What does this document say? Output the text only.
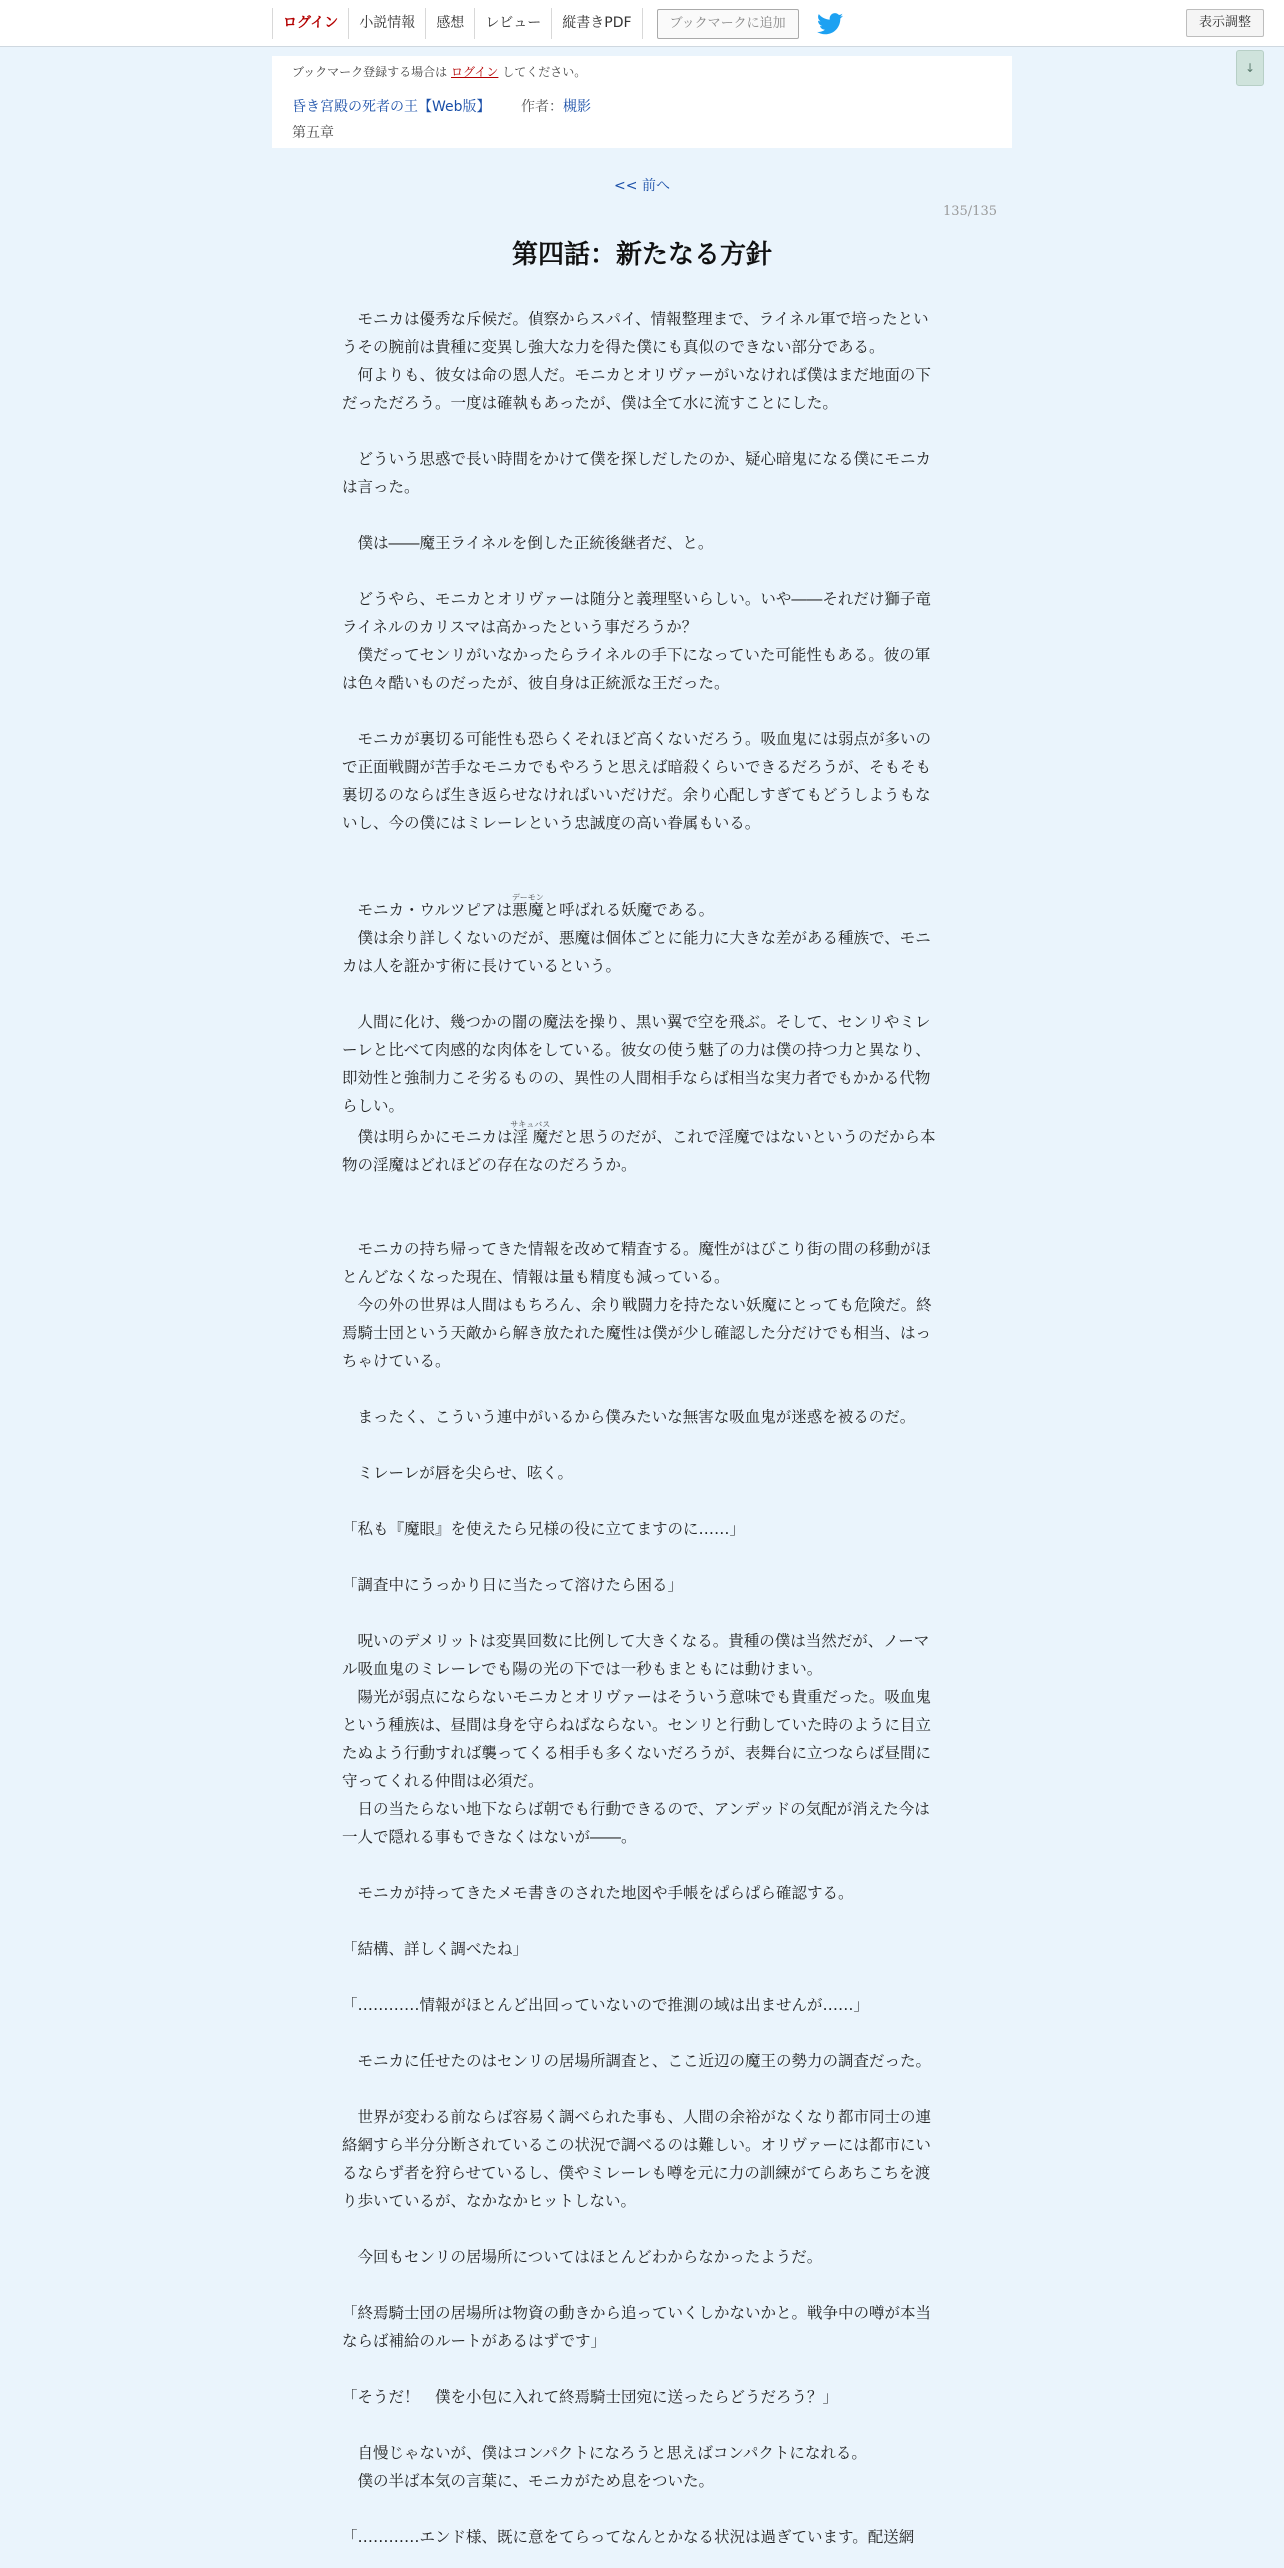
ログイン	小説情報	感想	レビュー	縦書きPDF	ブックマークに追加	表示調整
↓
ブックマーク登録する場合は ログイン してください。
昏き宮殿の死者の王【Web版】 作者：槻影
第五章
<< 前へ
135/135
第四話：新たなる方針

　モニカは優秀な斥候だ。偵察からスパイ、情報整理まで、ライネル軍で培ったというその腕前は貴種に変異し強大な力を得た僕にも真似のできない部分である。

　何よりも、彼女は命の恩人だ。モニカとオリヴァーがいなければ僕はまだ地面の下だっただろう。一度は確執もあったが、僕は全て水に流すことにした。

　どういう思惑で長い時間をかけて僕を探しだしたのか、疑心暗鬼になる僕にモニカは言った。

　僕は――魔王ライネルを倒した正統後継者だ、と。

　どうやら、モニカとオリヴァーは随分と義理堅いらしい。いや――それだけ獅子竜ライネルのカリスマは高かったという事だろうか？

　僕だってセンリがいなかったらライネルの手下になっていた可能性もある。彼の軍は色々酷いものだったが、彼自身は正統派な王だった。

　モニカが裏切る可能性も恐らくそれほど高くないだろう。吸血鬼には弱点が多いので正面戦闘が苦手なモニカでもやろうと思えば暗殺くらいできるだろうが、そもそも裏切るのならば生き返らせなければいいだけだ。余り心配しすぎてもどうしようもないし、今の僕にはミレーレという忠誠度の高い眷属もいる。

　モニカ・ウルツピアは悪魔デーモンと呼ばれる妖魔である。

　僕は余り詳しくないのだが、悪魔は個体ごとに能力に大きな差がある種族で、モニカは人を誑かす術に長けているという。

　人間に化け、幾つかの闇の魔法を操り、黒い翼で空を飛ぶ。そして、センリやミレーレと比べて肉感的な肉体をしている。彼女の使う魅了の力は僕の持つ力と異なり、即効性と強制力こそ劣るものの、異性の人間相手ならば相当な実力者でもかかる代物らしい。

　僕は明らかにモニカは淫魔サキュバスだと思うのだが、これで淫魔ではないというのだから本物の淫魔はどれほどの存在なのだろうか。

　モニカの持ち帰ってきた情報を改めて精査する。魔性がはびこり街の間の移動がほとんどなくなった現在、情報は量も精度も減っている。

　今の外の世界は人間はもちろん、余り戦闘力を持たない妖魔にとっても危険だ。終焉騎士団という天敵から解き放たれた魔性は僕が少し確認した分だけでも相当、はっちゃけている。

　まったく、こういう連中がいるから僕みたいな無害な吸血鬼が迷惑を被るのだ。

　ミレーレが唇を尖らせ、呟く。

「私も『魔眼』を使えたら兄様の役に立てますのに……」

「調査中にうっかり日に当たって溶けたら困る」

　呪いのデメリットは変異回数に比例して大きくなる。貴種の僕は当然だが、ノーマル吸血鬼のミレーレでも陽の光の下では一秒もまともには動けまい。

　陽光が弱点にならないモニカとオリヴァーはそういう意味でも貴重だった。吸血鬼という種族は、昼間は身を守らねばならない。センリと行動していた時のように目立たぬよう行動すれば襲ってくる相手も多くないだろうが、表舞台に立つならば昼間に守ってくれる仲間は必須だ。

　日の当たらない地下ならば朝でも行動できるので、アンデッドの気配が消えた今は一人で隠れる事もできなくはないが――。

　モニカが持ってきたメモ書きのされた地図や手帳をぱらぱら確認する。

「結構、詳しく調べたね」

「…………情報がほとんど出回っていないので推測の域は出ませんが……」

　モニカに任せたのはセンリの居場所調査と、ここ近辺の魔王の勢力の調査だった。

　世界が変わる前ならば容易く調べられた事も、人間の余裕がなくなり都市同士の連絡網すら半分分断されているこの状況で調べるのは難しい。オリヴァーには都市にいるならず者を狩らせているし、僕やミレーレも噂を元に力の訓練がてらあちこちを渡り歩いているが、なかなかヒットしない。

　今回もセンリの居場所についてはほとんどわからなかったようだ。

「終焉騎士団の居場所は物資の動きから追っていくしかないかと。戦争中の噂が本当ならば補給のルートがあるはずです」

「そうだ！　僕を小包に入れて終焉騎士団宛に送ったらどうだろう？」

　自慢じゃないが、僕はコンパクトになろうと思えばコンパクトになれる。

　僕の半ば本気の言葉に、モニカがため息をついた。

「…………エンド様、既に意をてらってなんとかなる状況は過ぎています。配送網
